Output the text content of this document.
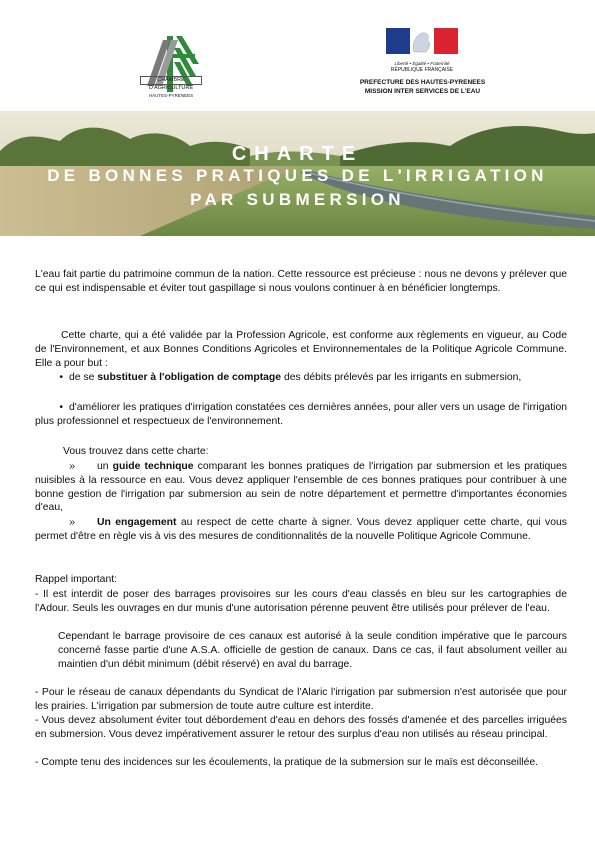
CHAMBRE
D'AGRICULTURE
HAUTES-PYRENEES
Liberté • Égalité • Fraternité
RÉPUBLIQUE FRANÇAISE
PREFECTURE DES HAUTES-PYRENEES
MISSION INTER SERVICES DE L'EAU
CHARTE
DE BONNES PRATIQUES DE L'IRRIGATION
PAR SUBMERSION
L'eau fait partie du patrimoine commun de la nation. Cette ressource est précieuse : nous ne devons y prélever que ce qui est indispensable et éviter tout gaspillage si nous voulons continuer à en bénéficier longtemps.
Cette charte, qui a été validée par la Profession Agricole, est conforme aux règlements en vigueur, au Code de l'Environnement, et aux Bonnes Conditions Agricoles et Environnementales de la Politique Agricole Commune. Elle a pour but :
• de se substituer à l'obligation de comptage des débits prélevés par les irrigants en submersion,
• d'améliorer les pratiques d'irrigation constatées ces dernières années, pour aller vers un usage de l'irrigation plus professionnel et respectueux de l'environnement.
Vous trouvez dans cette charte:
» un guide technique comparant les bonnes pratiques de l'irrigation par submersion et les pratiques nuisibles à la ressource en eau. Vous devez appliquer l'ensemble de ces bonnes pratiques pour contribuer à une bonne gestion de l'irrigation par submersion au sein de notre département et permettre d'importantes économies d'eau,
» Un engagement au respect de cette charte à signer. Vous devez appliquer cette charte, qui vous permet d'être en règle vis à vis des mesures de conditionnalités de la nouvelle Politique Agricole Commune.
Rappel important:
- Il est interdit de poser des barrages provisoires sur les cours d'eau classés en bleu sur les cartographies de l'Adour. Seuls les ouvrages en dur munis d'une autorisation pérenne peuvent être utilisés pour prélever de l'eau.
Cependant le barrage provisoire de ces canaux est autorisé à la seule condition impérative que le parcours concerné fasse partie d'une A.S.A. officielle de gestion de canaux. Dans ce cas, il faut absolument veiller au maintien d'un débit minimum (débit réservé) en aval du barrage.
- Pour le réseau de canaux dépendants du Syndicat de l'Alaric l'irrigation par submersion n'est autorisée que pour les prairies. L'irrigation par submersion de toute autre culture est interdite.
- Vous devez absolument éviter tout débordement d'eau en dehors des fossés d'amenée et des parcelles irriguées en submersion. Vous devez impérativement assurer le retour des surplus d'eau non utilisés au réseau principal.
- Compte tenu des incidences sur les écoulements, la pratique de la submersion sur le maïs est déconseillée.
